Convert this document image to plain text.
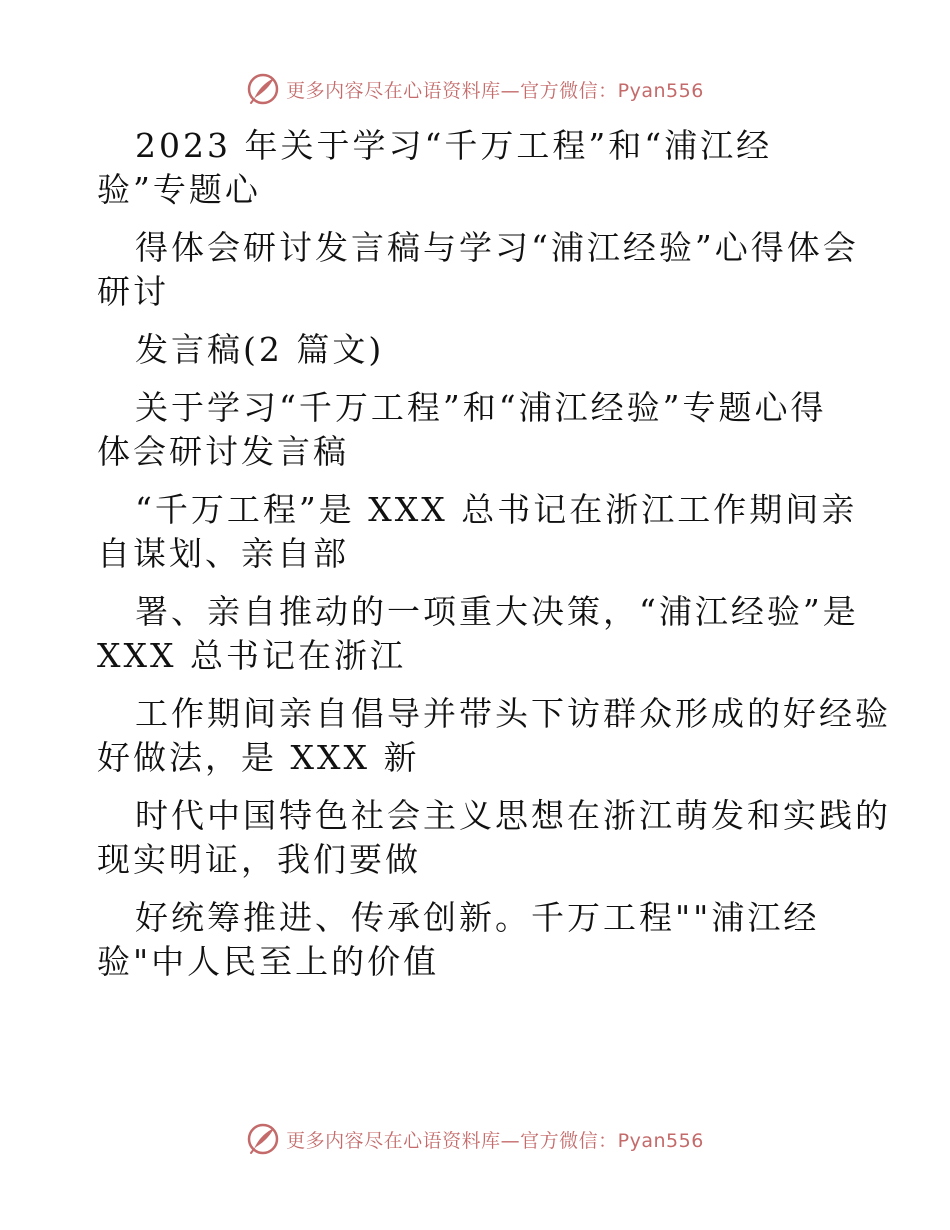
更多内容尽在心语资料库—官方微信：Pyan556
2023 年关于学习“千万工程”和“浦江经
验”专题心
得体会研讨发言稿与学习“浦江经验”心得体会
研讨
发言稿(2 篇文)
关于学习“千万工程”和“浦江经验”专题心得
体会研讨发言稿
“千万工程”是 XXX 总书记在浙江工作期间亲
自谋划、亲自部
署、亲自推动的一项重大决策，“浦江经验”是
XXX 总书记在浙江
工作期间亲自倡导并带头下访群众形成的好经验
好做法，是 XXX 新
时代中国特色社会主义思想在浙江萌发和实践的
现实明证，我们要做
好统筹推进、传承创新。千万工程""浦江经
验"中人民至上的价值
更多内容尽在心语资料库—官方微信：Pyan556
